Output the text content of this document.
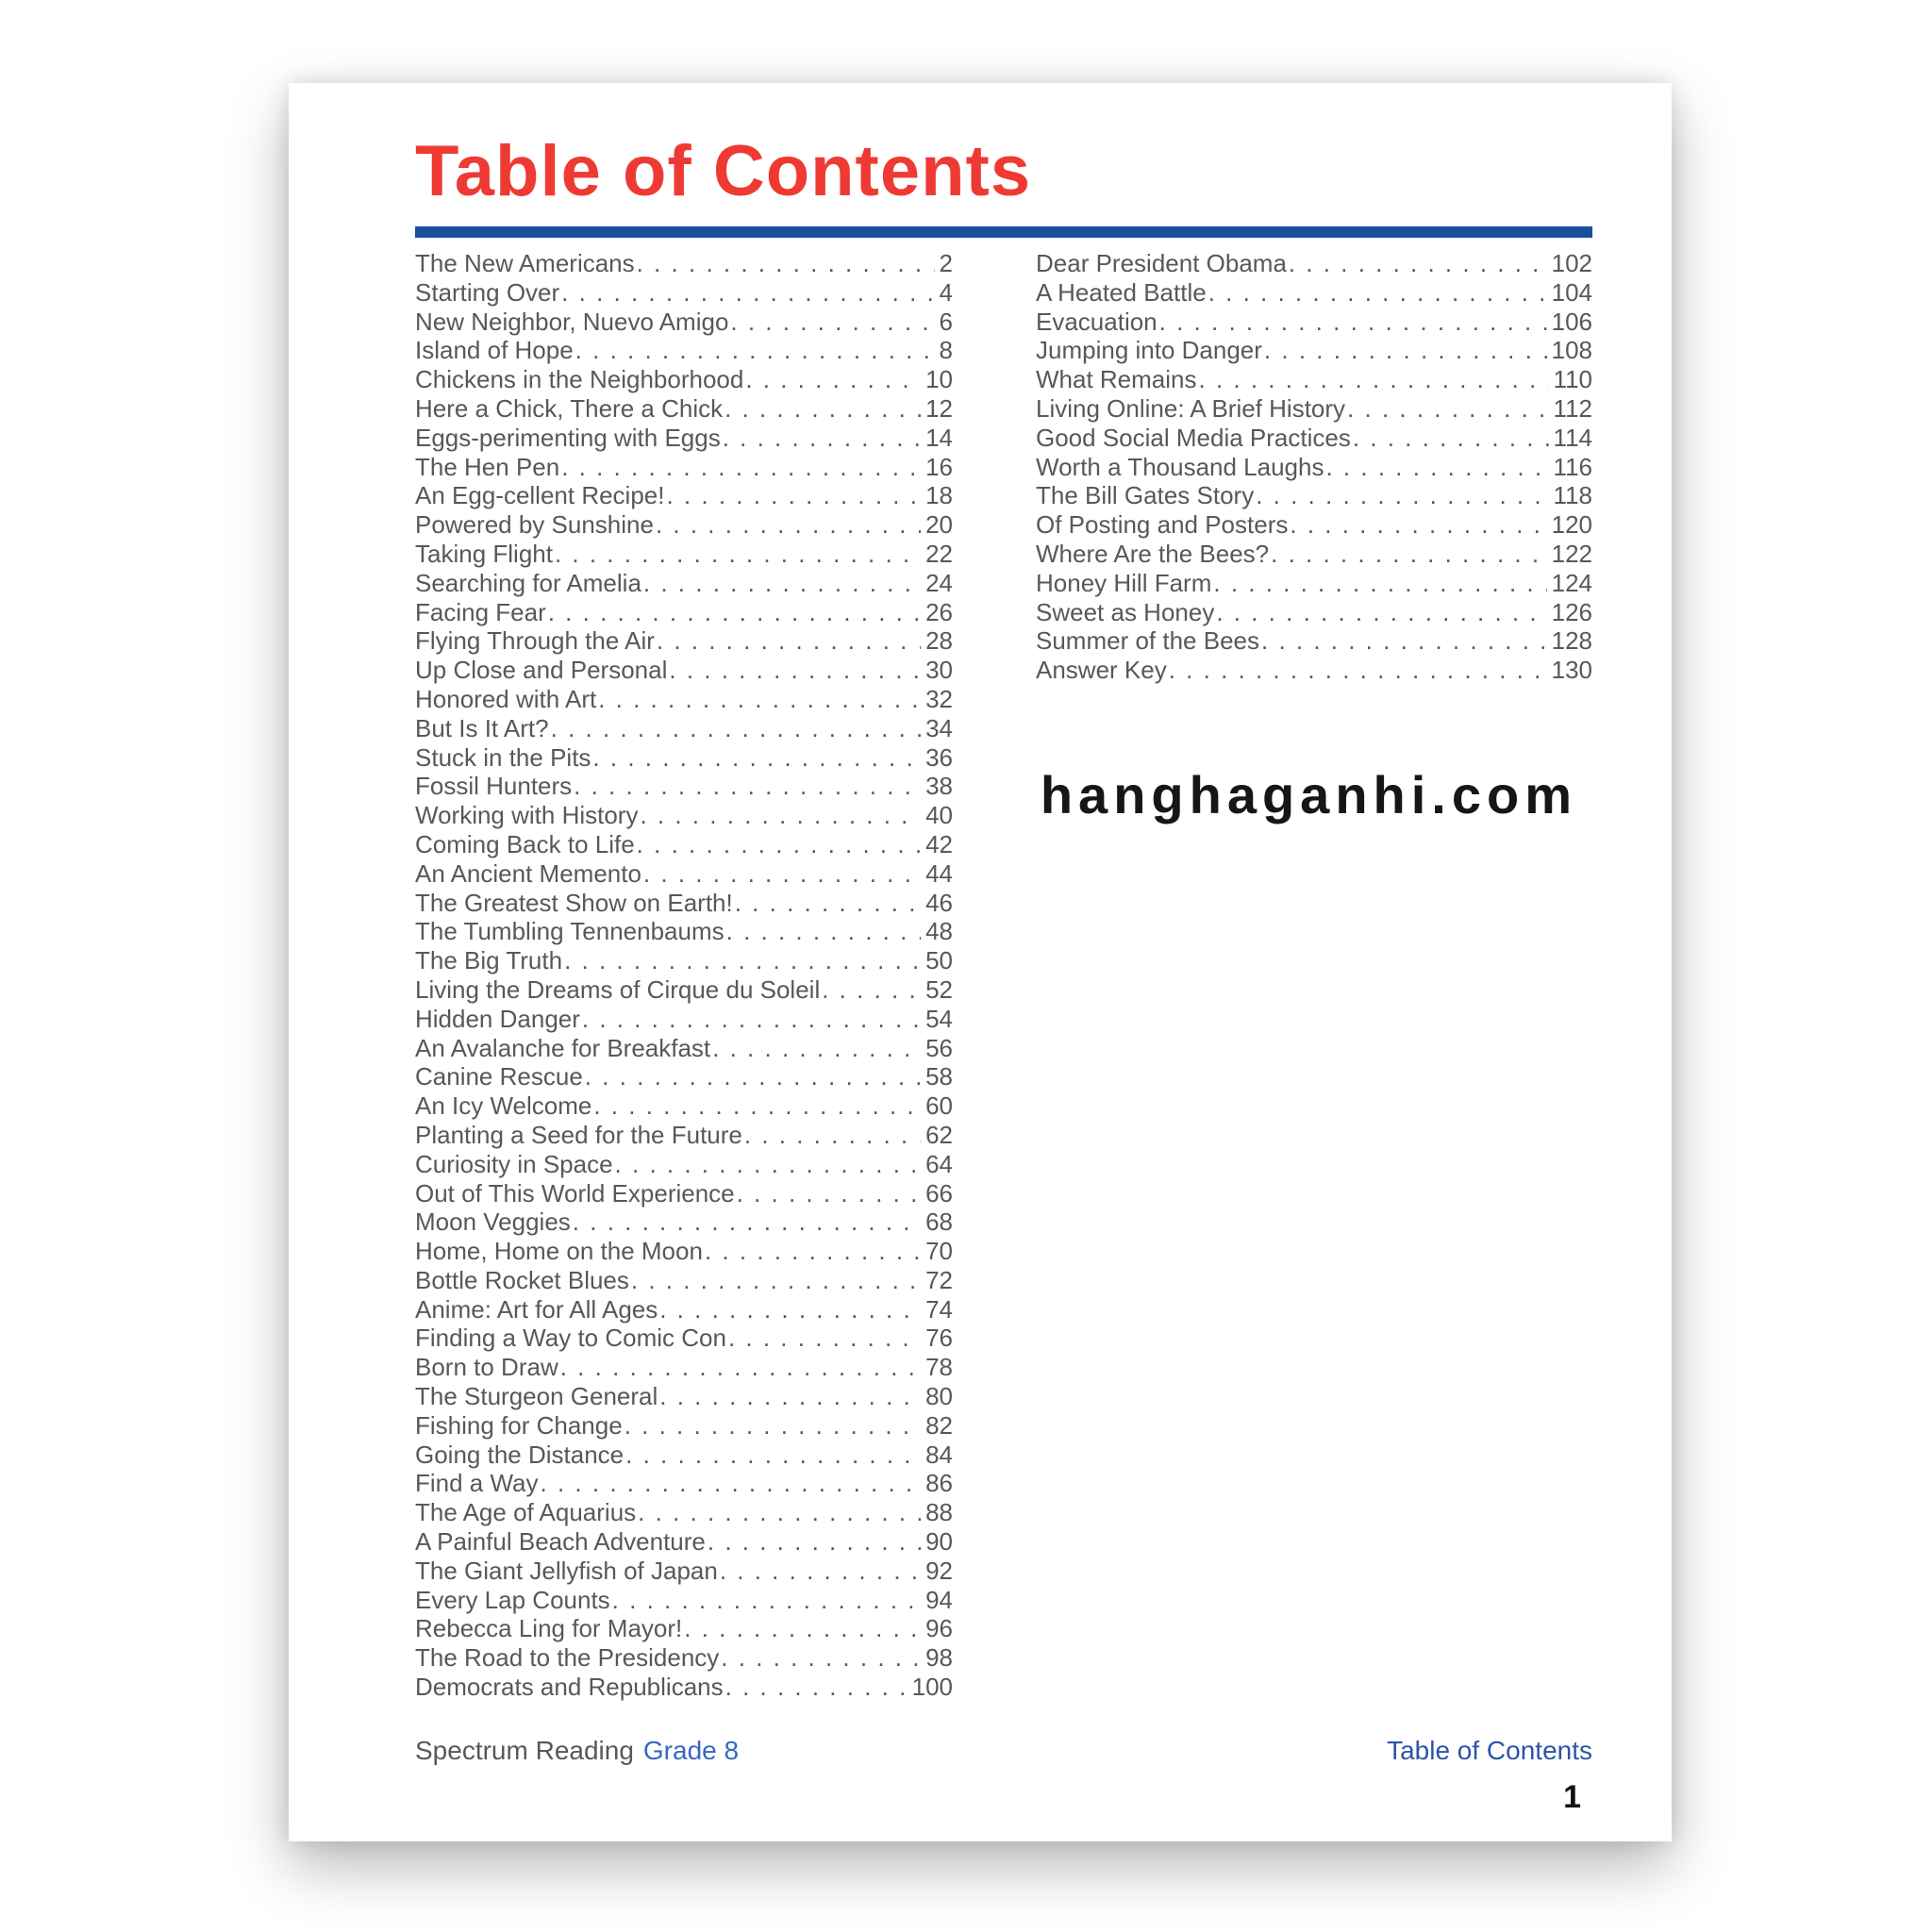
Table of Contents
The New Americans . . .	2
Starting Over . . .	4
New Neighbor, Nuevo Amigo . . .	6
Island of Hope . . .	8
Chickens in the Neighborhood . . .	10
Here a Chick, There a Chick . . .	12
Eggs-perimenting with Eggs . . .	14
The Hen Pen . . .	16
An Egg-cellent Recipe! . . .	18
Powered by Sunshine . . .	20
Taking Flight . . .	22
Searching for Amelia . . .	24
Facing Fear . . .	26
Flying Through the Air . . .	28
Up Close and Personal . . .	30
Honored with Art . . .	32
But Is It Art? . . .	34
Stuck in the Pits . . .	36
Fossil Hunters . . .	38
Working with History . . .	40
Coming Back to Life . . .	42
An Ancient Memento . . .	44
The Greatest Show on Earth! . . .	46
The Tumbling Tennenbaums . . .	48
The Big Truth . . .	50
Living the Dreams of Cirque du Soleil . . .	52
Hidden Danger . . .	54
An Avalanche for Breakfast . . .	56
Canine Rescue . . .	58
An Icy Welcome . . .	60
Planting a Seed for the Future . . .	62
Curiosity in Space . . .	64
Out of This World Experience . . .	66
Moon Veggies . . .	68
Home, Home on the Moon . . .	70
Bottle Rocket Blues . . .	72
Anime: Art for All Ages . . .	74
Finding a Way to Comic Con . . .	76
Born to Draw . . .	78
The Sturgeon General . . .	80
Fishing for Change . . .	82
Going the Distance . . .	84
Find a Way . . .	86
The Age of Aquarius . . .	88
A Painful Beach Adventure . . .	90
The Giant Jellyfish of Japan . . .	92
Every Lap Counts . . .	94
Rebecca Ling for Mayor! . . .	96
The Road to the Presidency . . .	98
Democrats and Republicans . . .	100
Dear President Obama . . .	102
A Heated Battle . . .	104
Evacuation . . .	106
Jumping into Danger . . .	108
What Remains . . .	110
Living Online: A Brief History . . .	112
Good Social Media Practices . . .	114
Worth a Thousand Laughs . . .	116
The Bill Gates Story . . .	118
Of Posting and Posters . . .	120
Where Are the Bees? . . .	122
Honey Hill Farm . . .	124
Sweet as Honey . . .	126
Summer of the Bees . . .	128
Answer Key . . .	130
hanghaganhi.com
Spectrum Reading Grade 8	Table of Contents
1
